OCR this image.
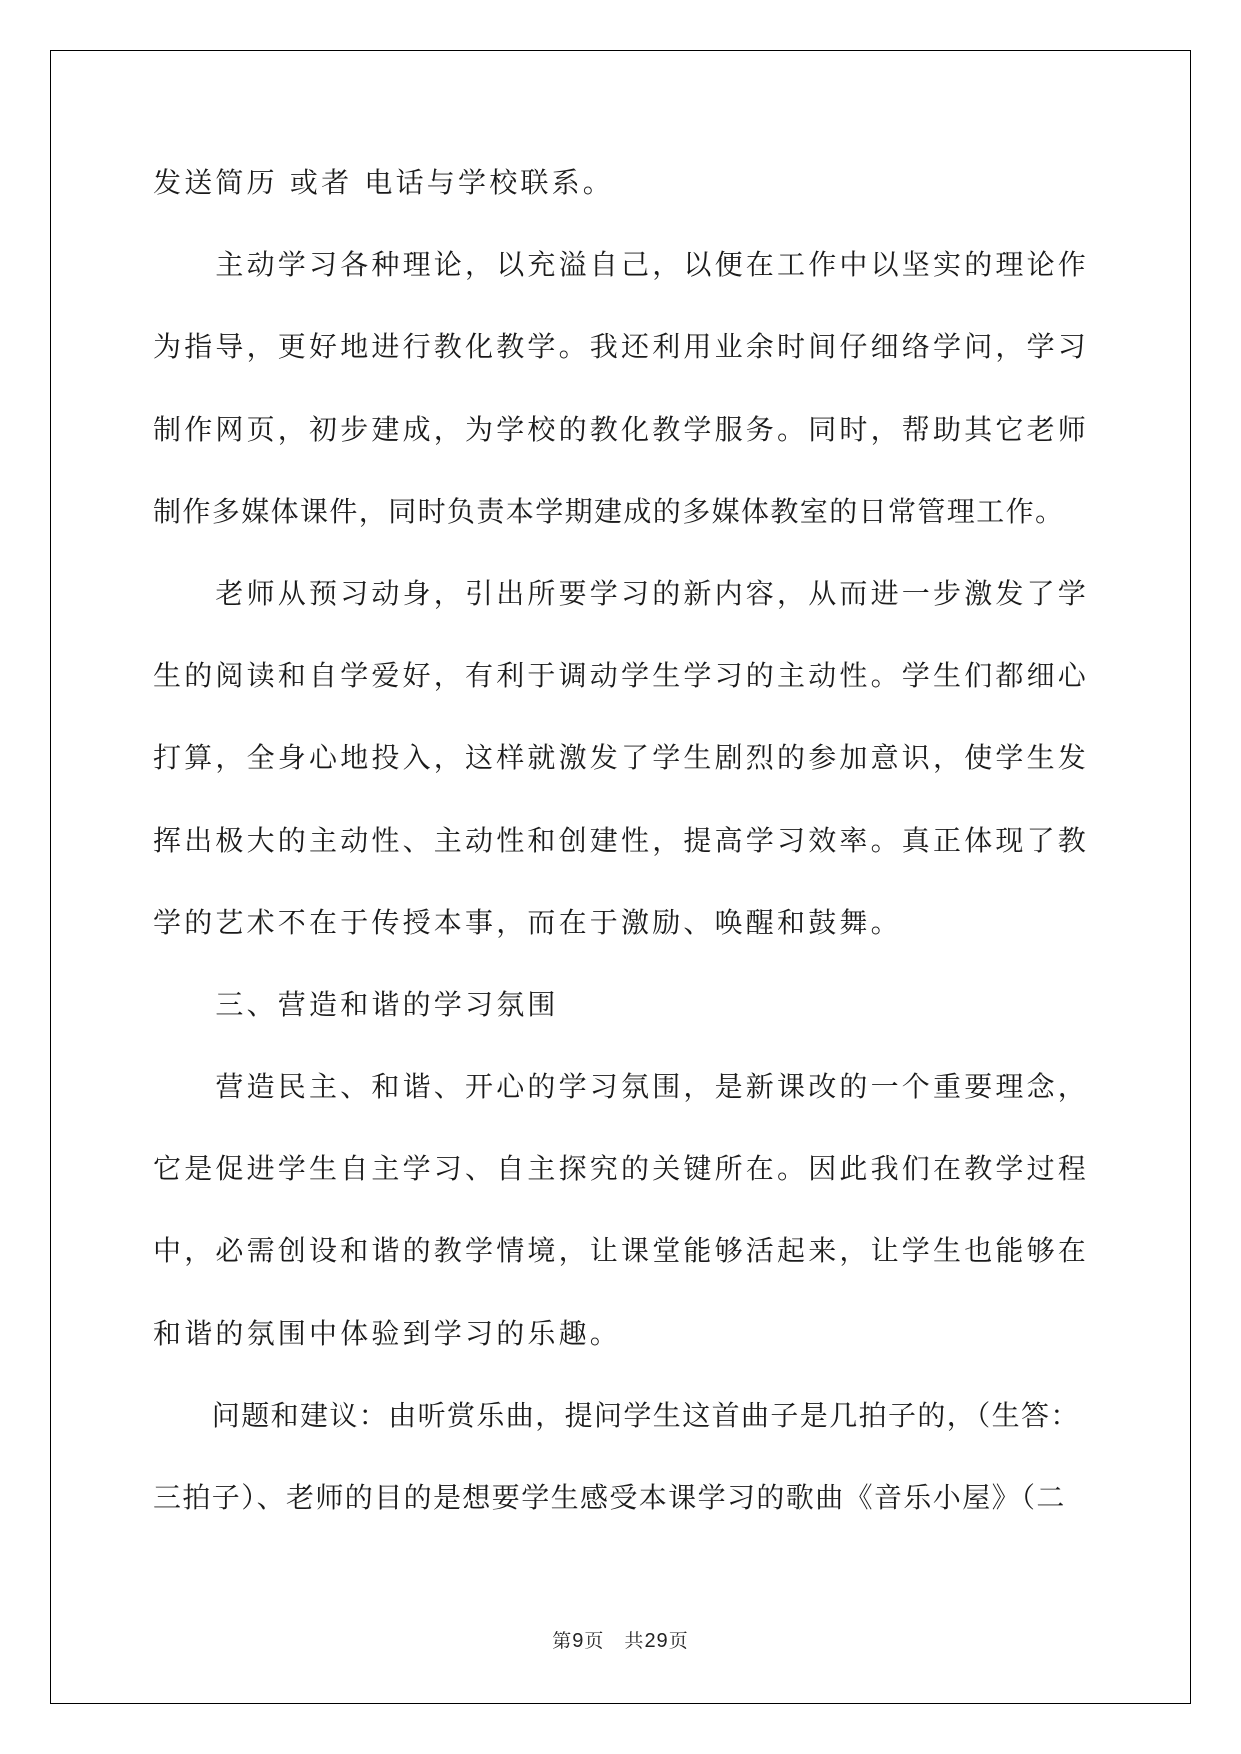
发送简历 或者 电话与学校联系。
　　主动学习各种理论，以充溢自己，以便在工作中以坚实的理论作
为指导，更好地进行教化教学。我还利用业余时间仔细络学问，学习
制作网页，初步建成，为学校的教化教学服务。同时，帮助其它老师
制作多媒体课件，同时负责本学期建成的多媒体教室的日常管理工作。
　　老师从预习动身，引出所要学习的新内容，从而进一步激发了学
生的阅读和自学爱好，有利于调动学生学习的主动性。学生们都细心
打算，全身心地投入，这样就激发了学生剧烈的参加意识，使学生发
挥出极大的主动性、主动性和创建性，提高学习效率。真正体现了教
学的艺术不在于传授本事，而在于激励、唤醒和鼓舞。
　　三、营造和谐的学习氛围
　　营造民主、和谐、开心的学习氛围，是新课改的一个重要理念，
它是促进学生自主学习、自主探究的关键所在。因此我们在教学过程
中，必需创设和谐的教学情境，让课堂能够活起来，让学生也能够在
和谐的氛围中体验到学习的乐趣。
　　问题和建议：由听赏乐曲，提问学生这首曲子是几拍子的，（生答：
三拍子）、老师的目的是想要学生感受本课学习的歌曲《音乐小屋》（二
第9页　共29页
